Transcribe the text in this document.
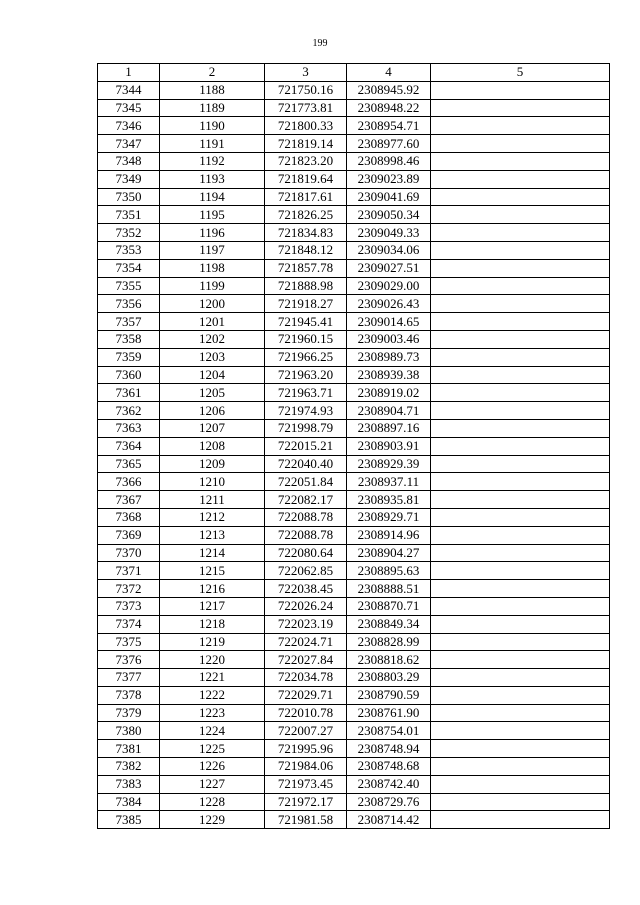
199
1	2	3	4	5
7344	1188	721750.16	2308945.92	
7345	1189	721773.81	2308948.22	
7346	1190	721800.33	2308954.71	
7347	1191	721819.14	2308977.60	
7348	1192	721823.20	2308998.46	
7349	1193	721819.64	2309023.89	
7350	1194	721817.61	2309041.69	
7351	1195	721826.25	2309050.34	
7352	1196	721834.83	2309049.33	
7353	1197	721848.12	2309034.06	
7354	1198	721857.78	2309027.51	
7355	1199	721888.98	2309029.00	
7356	1200	721918.27	2309026.43	
7357	1201	721945.41	2309014.65	
7358	1202	721960.15	2309003.46	
7359	1203	721966.25	2308989.73	
7360	1204	721963.20	2308939.38	
7361	1205	721963.71	2308919.02	
7362	1206	721974.93	2308904.71	
7363	1207	721998.79	2308897.16	
7364	1208	722015.21	2308903.91	
7365	1209	722040.40	2308929.39	
7366	1210	722051.84	2308937.11	
7367	1211	722082.17	2308935.81	
7368	1212	722088.78	2308929.71	
7369	1213	722088.78	2308914.96	
7370	1214	722080.64	2308904.27	
7371	1215	722062.85	2308895.63	
7372	1216	722038.45	2308888.51	
7373	1217	722026.24	2308870.71	
7374	1218	722023.19	2308849.34	
7375	1219	722024.71	2308828.99	
7376	1220	722027.84	2308818.62	
7377	1221	722034.78	2308803.29	
7378	1222	722029.71	2308790.59	
7379	1223	722010.78	2308761.90	
7380	1224	722007.27	2308754.01	
7381	1225	721995.96	2308748.94	
7382	1226	721984.06	2308748.68	
7383	1227	721973.45	2308742.40	
7384	1228	721972.17	2308729.76	
7385	1229	721981.58	2308714.42	
